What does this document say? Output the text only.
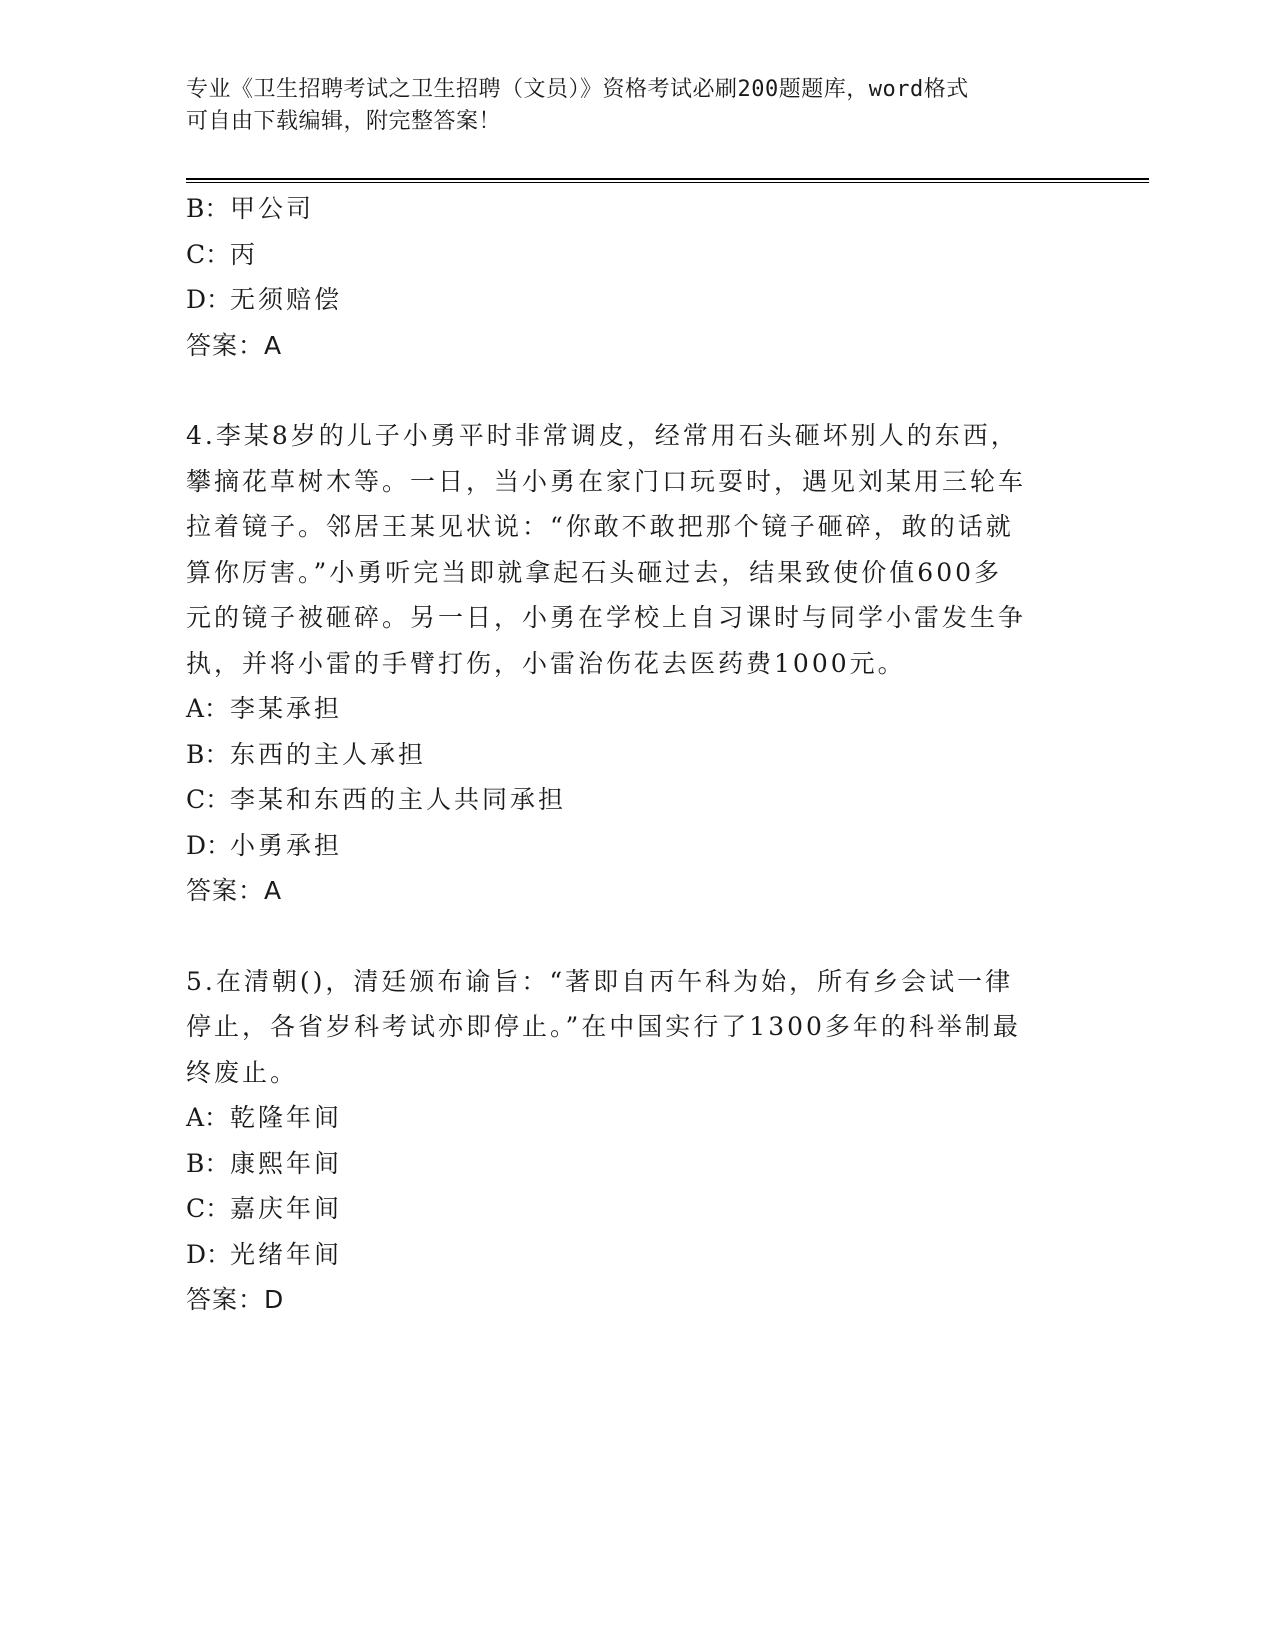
专业《卫生招聘考试之卫生招聘（文员）》资格考试必刷200题题库，word格式
可自由下载编辑，附完整答案！
B：甲公司
C：丙
D：无须赔偿
答案：A
4.李某8岁的儿子小勇平时非常调皮，经常用石头砸坏别人的东西，
攀摘花草树木等。一日，当小勇在家门口玩耍时，遇见刘某用三轮车
拉着镜子。邻居王某见状说：“你敢不敢把那个镜子砸碎，敢的话就
算你厉害。”小勇听完当即就拿起石头砸过去，结果致使价值600多
元的镜子被砸碎。另一日，小勇在学校上自习课时与同学小雷发生争
执，并将小雷的手臂打伤，小雷治伤花去医药费1000元。
A：李某承担
B：东西的主人承担
C：李某和东西的主人共同承担
D：小勇承担
答案：A
5.在清朝()，清廷颁布谕旨：“著即自丙午科为始，所有乡会试一律
停止，各省岁科考试亦即停止。”在中国实行了1300多年的科举制最
终废止。
A：乾隆年间
B：康熙年间
C：嘉庆年间
D：光绪年间
答案：D
